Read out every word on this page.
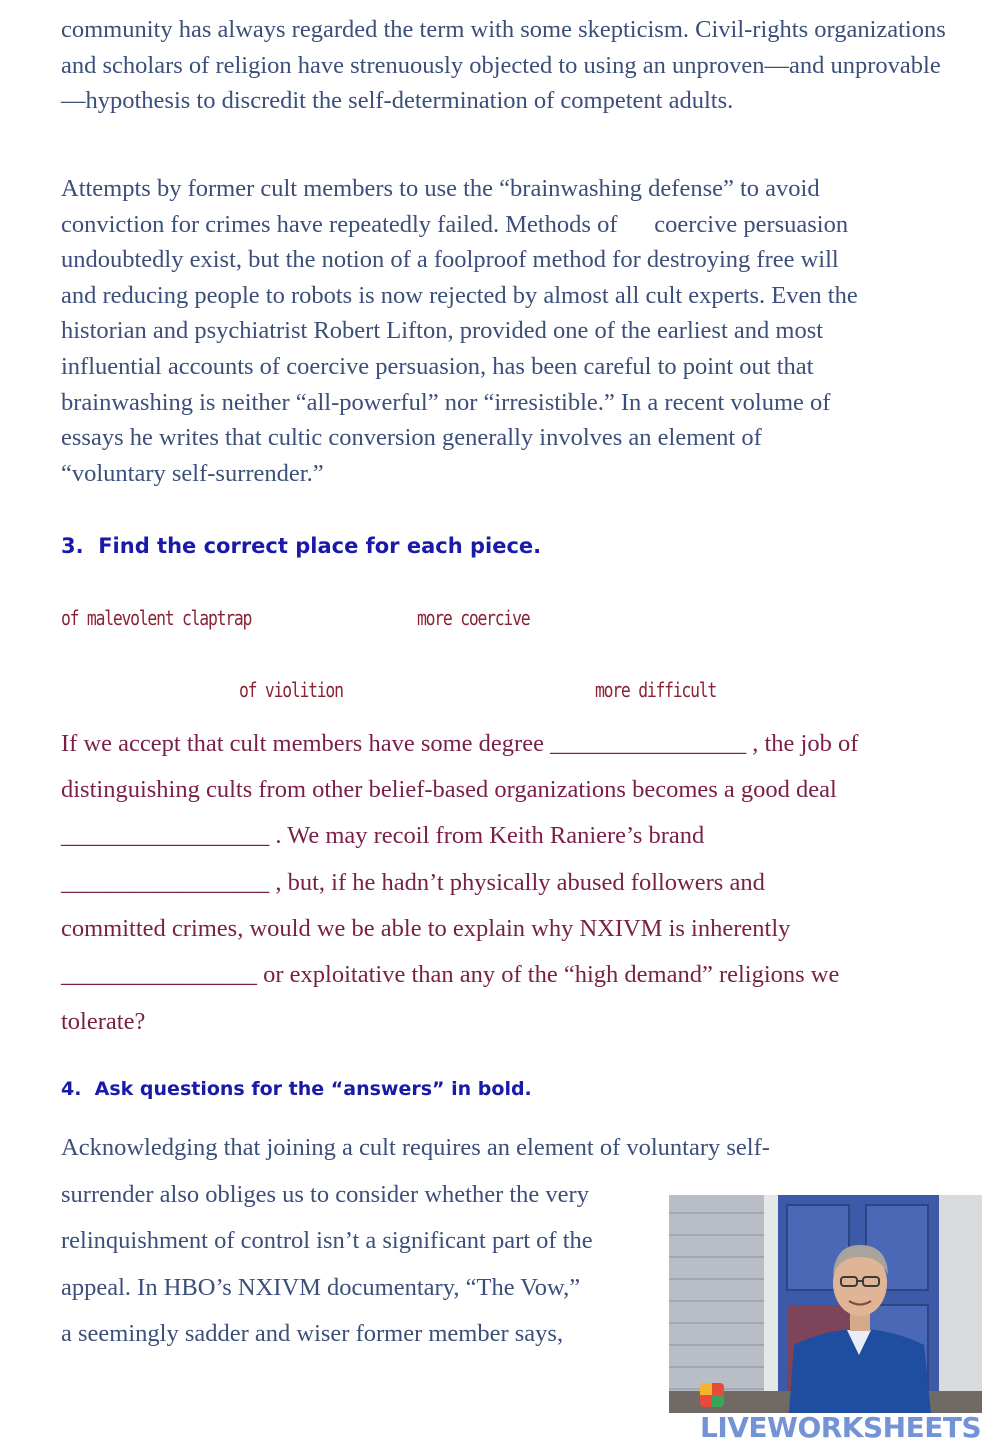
community has always regarded the term with some skepticism. Civil-rights organizations and scholars of religion have strenuously objected to using an unproven—and unprovable—hypothesis to discredit the self-determination of competent adults.

Attempts by former cult members to use the “brainwashing defense” to avoid
conviction for crimes have repeatedly failed. Methods of      coercive persuasion
undoubtedly exist, but the notion of a foolproof method for destroying free will
and reducing people to robots is now rejected by almost all cult experts. Even the
historian and psychiatrist Robert Lifton, provided one of the earliest and most
influential accounts of coercive persuasion, has been careful to point out that
brainwashing is neither “all-powerful” nor “irresistible.” In a recent volume of
essays he writes that cultic conversion generally involves an element of
“voluntary self-surrender.”
3.  Find the correct place for each piece.
of malevolent claptrap	more coercive
of violition	more difficult
If we accept that cult members have some degree ________________ , the job of
distinguishing cults from other belief-based organizations becomes a good deal
_________________ . We may recoil from Keith Raniere’s brand
_________________ , but, if he hadn’t physically abused followers and
committed crimes, would we be able to explain why NXIVM is inherently
________________ or exploitative than any of the “high demand” religions we
tolerate?
4.  Ask questions for the “answers” in bold.
Acknowledging that joining a cult requires an element of voluntary self-
surrender also obliges us to consider whether the very
relinquishment of control isn’t a significant part of the
appeal. In HBO’s NXIVM documentary, “The Vow,”
a seemingly sadder and wiser former member says,
LIVEWORKSHEETS
